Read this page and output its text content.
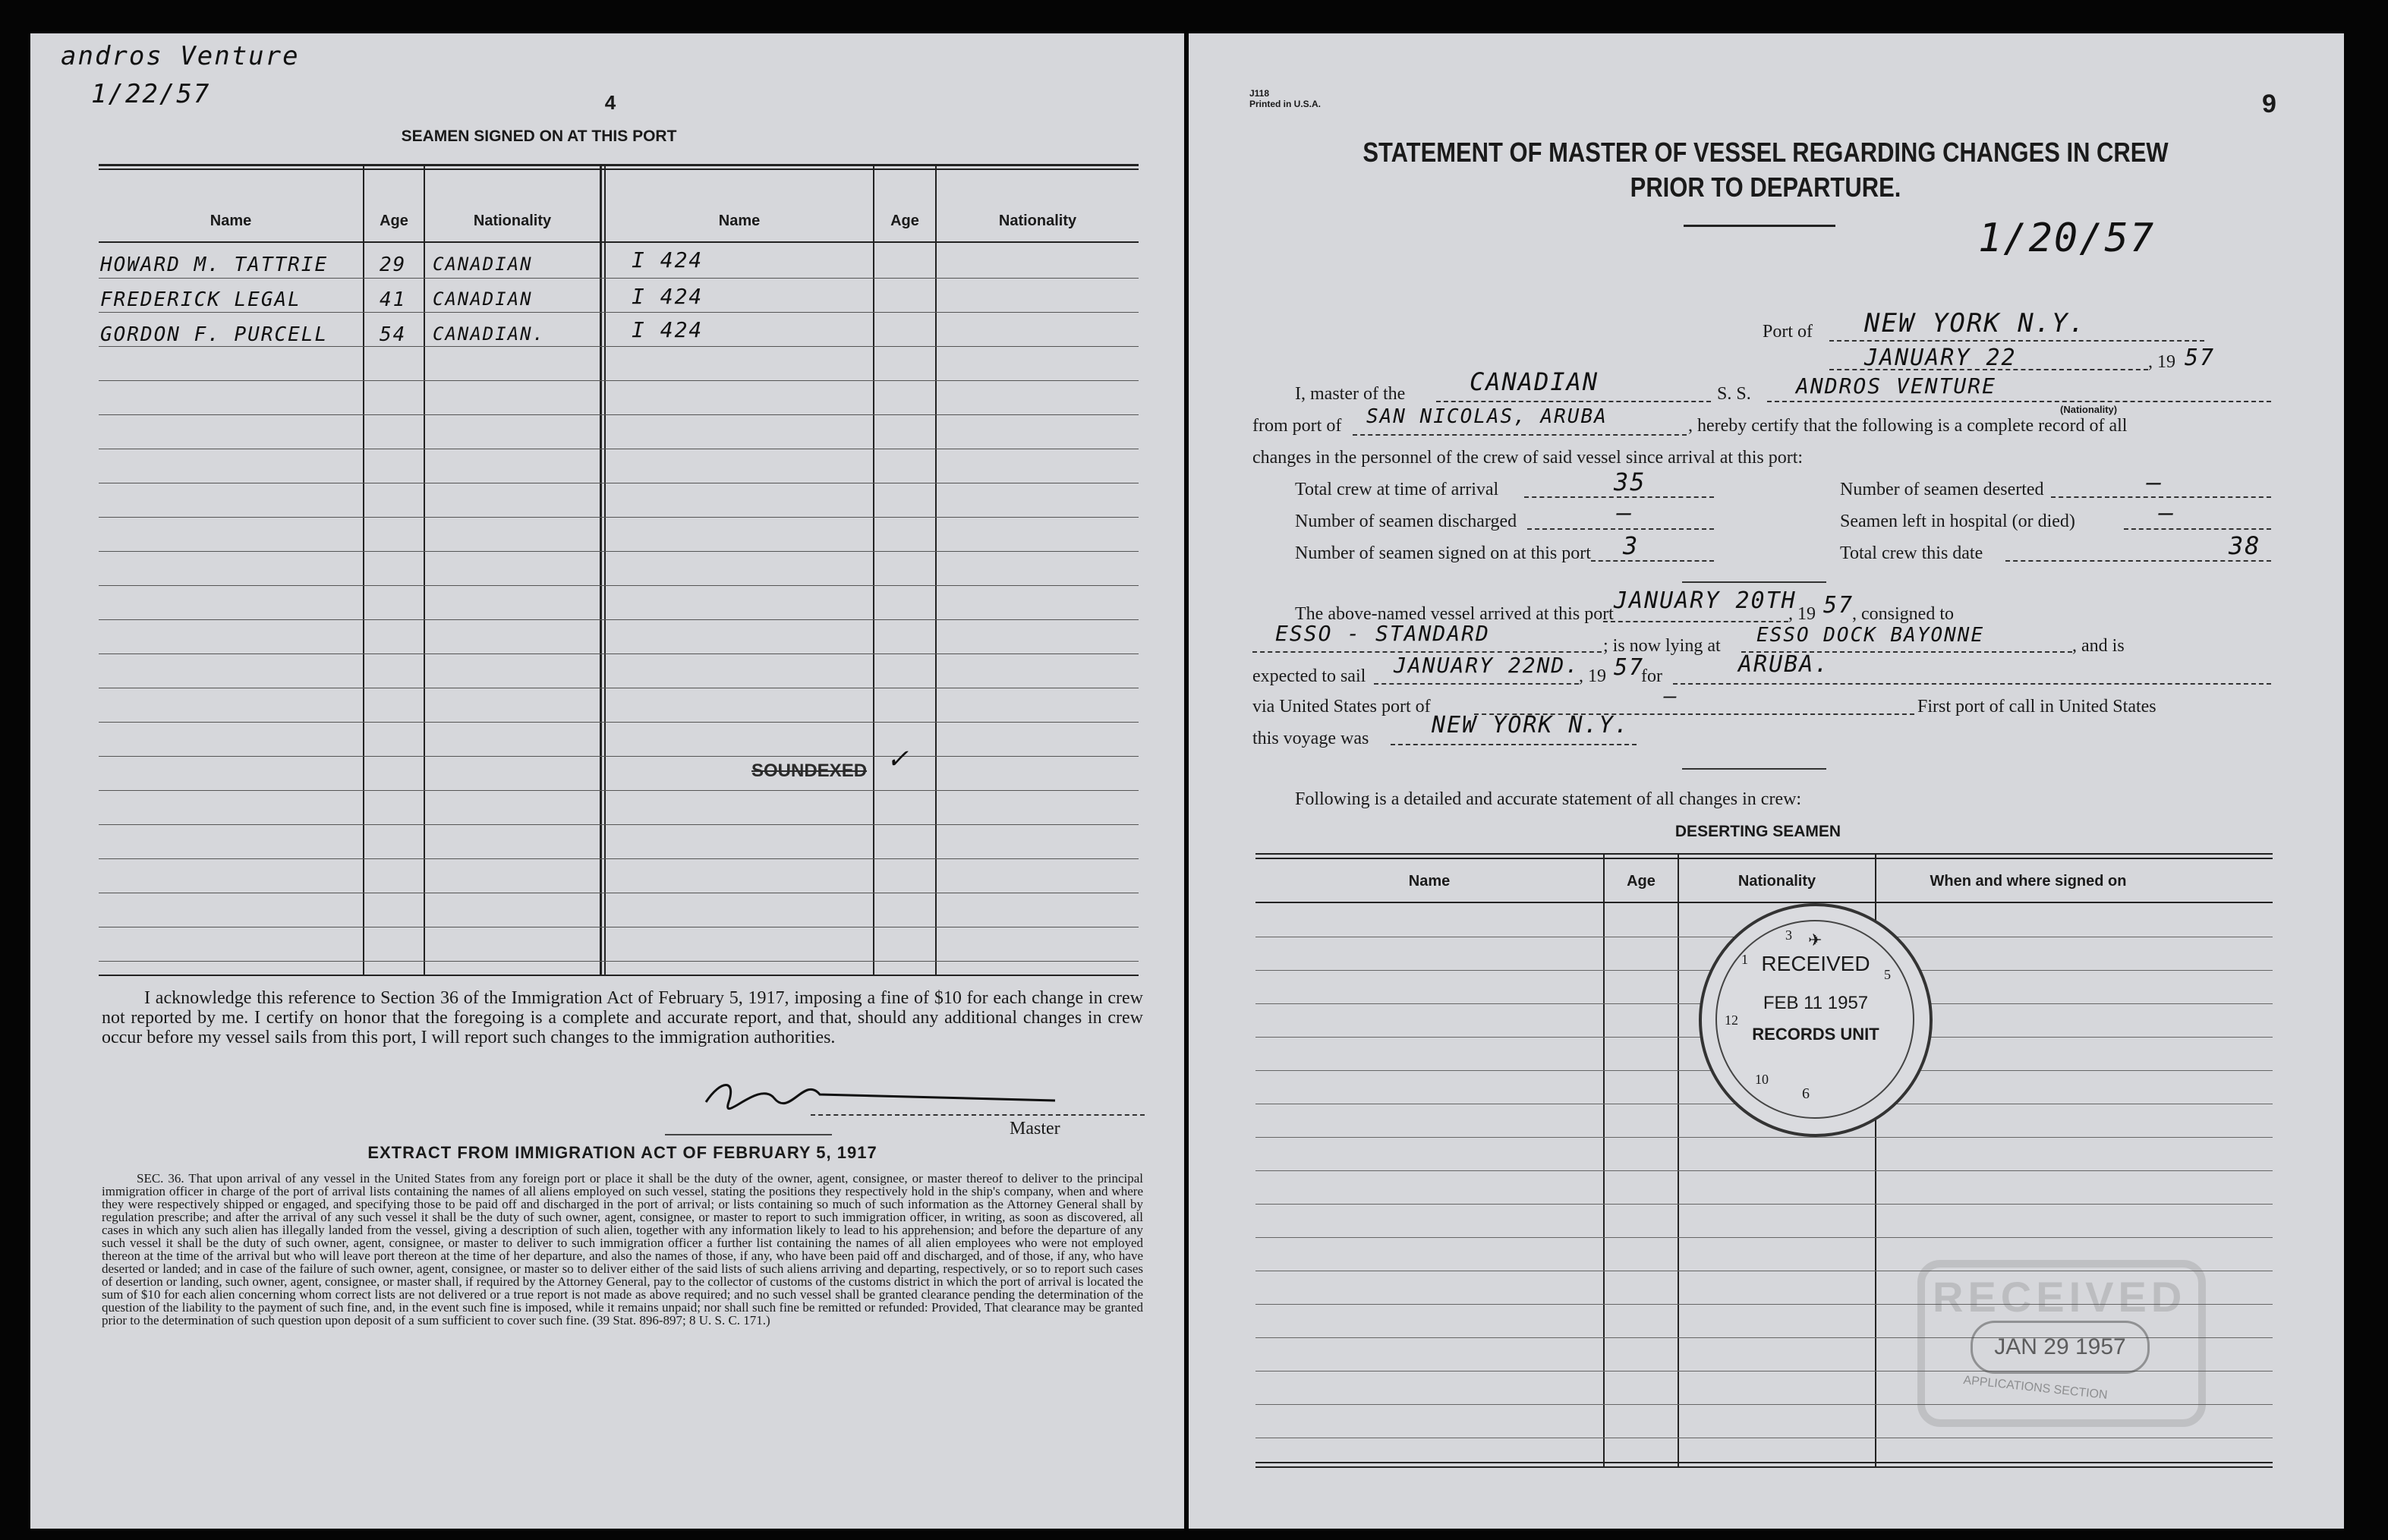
andros Venture
1/22/57	4
SEAMEN SIGNED ON AT THIS PORT
Name	Age	Nationality	Name	Age	Nationality
HOWARD M. TATTRIE	29 CANADIAN	I 424
FREDERICK LEGAL	41 CANADIAN	I 424
GORDON F. PURCELL	54 CANADIAN.	I 424
SOUNDEXED ✓
I acknowledge this reference to Section 36 of the Immigration Act of February 5, 1917, imposing a fine of $10 for each change in crew not reported by me. I certify on honor that the foregoing is a complete and accurate report, and that, should any additional changes in crew occur before my vessel sails from this port, I will report such changes to the immigration authorities.
Master
EXTRACT FROM IMMIGRATION ACT OF FEBRUARY 5, 1917
SEC. 36. That upon arrival of any vessel in the United States from any foreign port or place it shall be the duty of the owner, agent, consignee, or master thereof to deliver to the principal immigration officer in charge of the port of arrival lists containing the names of all aliens employed on such vessel, stating the positions they respectively hold in the ship's company, when and where they were respectively shipped or engaged, and specifying those to be paid off and discharged in the port of arrival; or lists containing so much of such information as the Attorney General shall by regulation prescribe; and after the arrival of any such vessel it shall be the duty of such owner, agent, consignee, or master to report to such immigration officer, in writing, as soon as discovered, all cases in which any such alien has illegally landed from the vessel, giving a description of such alien, together with any information likely to lead to his apprehension; and before the departure of any such vessel it shall be the duty of such owner, agent, consignee, or master to deliver to such immigration officer a further list containing the names of all alien employees who were not employed thereon at the time of the arrival but who will leave port thereon at the time of her departure, and also the names of those, if any, who have been paid off and discharged, and of those, if any, who have deserted or landed; and in case of the failure of such owner, agent, consignee, or master so to deliver either of the said lists of such aliens arriving and departing, respectively, or so to report such cases of desertion or landing, such owner, agent, consignee, or master shall, if required by the Attorney General, pay to the collector of customs of the customs district in which the port of arrival is located the sum of $10 for each alien concerning whom correct lists are not delivered or a true report is not made as above required; and no such vessel shall be granted clearance pending the determination of the question of the liability to the payment of such fine, and, in the event such fine is imposed, while it remains unpaid; nor shall such fine be remitted or refunded: Provided, That clearance may be granted prior to the determination of such question upon deposit of a sum sufficient to cover such fine. (39 Stat. 896-897; 8 U. S. C. 171.)
J118
Printed in U.S.A.	9
STATEMENT OF MASTER OF VESSEL REGARDING CHANGES IN CREW
PRIOR TO DEPARTURE.
1/20/57
Port of NEW YORK N.Y.
JANUARY 22	, 19 57
I, master of the	CANADIAN	S. S. ANDROS VENTURE
(Nationality)
from port of SAN NICOLAS, ARUBA	, hereby certify that the following is a complete record of all
changes in the personnel of the crew of said vessel since arrival at this port:
Total crew at time of arrival	35	Number of seamen deserted	—
Number of seamen discharged	—	Seamen left in hospital (or died)	—
Number of seamen signed on at this port 3	Total crew this date	38
The above-named vessel arrived at this port JANUARY 20TH
, 19 57
, consigned to
ESSO - STANDARD	; is now lying at ESSO DOCK BAYONNE	, and is
expected to sail JANUARY 22ND.
, 19 57
for	ARUBA.
via United States port of	—	First port of call in United States
this voyage was	NEW YORK N.Y.
Following is a detailed and accurate statement of all changes in crew:
DESERTING SEAMEN
Name	Age	Nationality	When and where signed on
RECEIVED
FEB 11 1957
RECORDS UNIT
✈
6
1
3
5
12
10
RECEIVED
JAN 29 1957
APPLICATIONS SECTION
